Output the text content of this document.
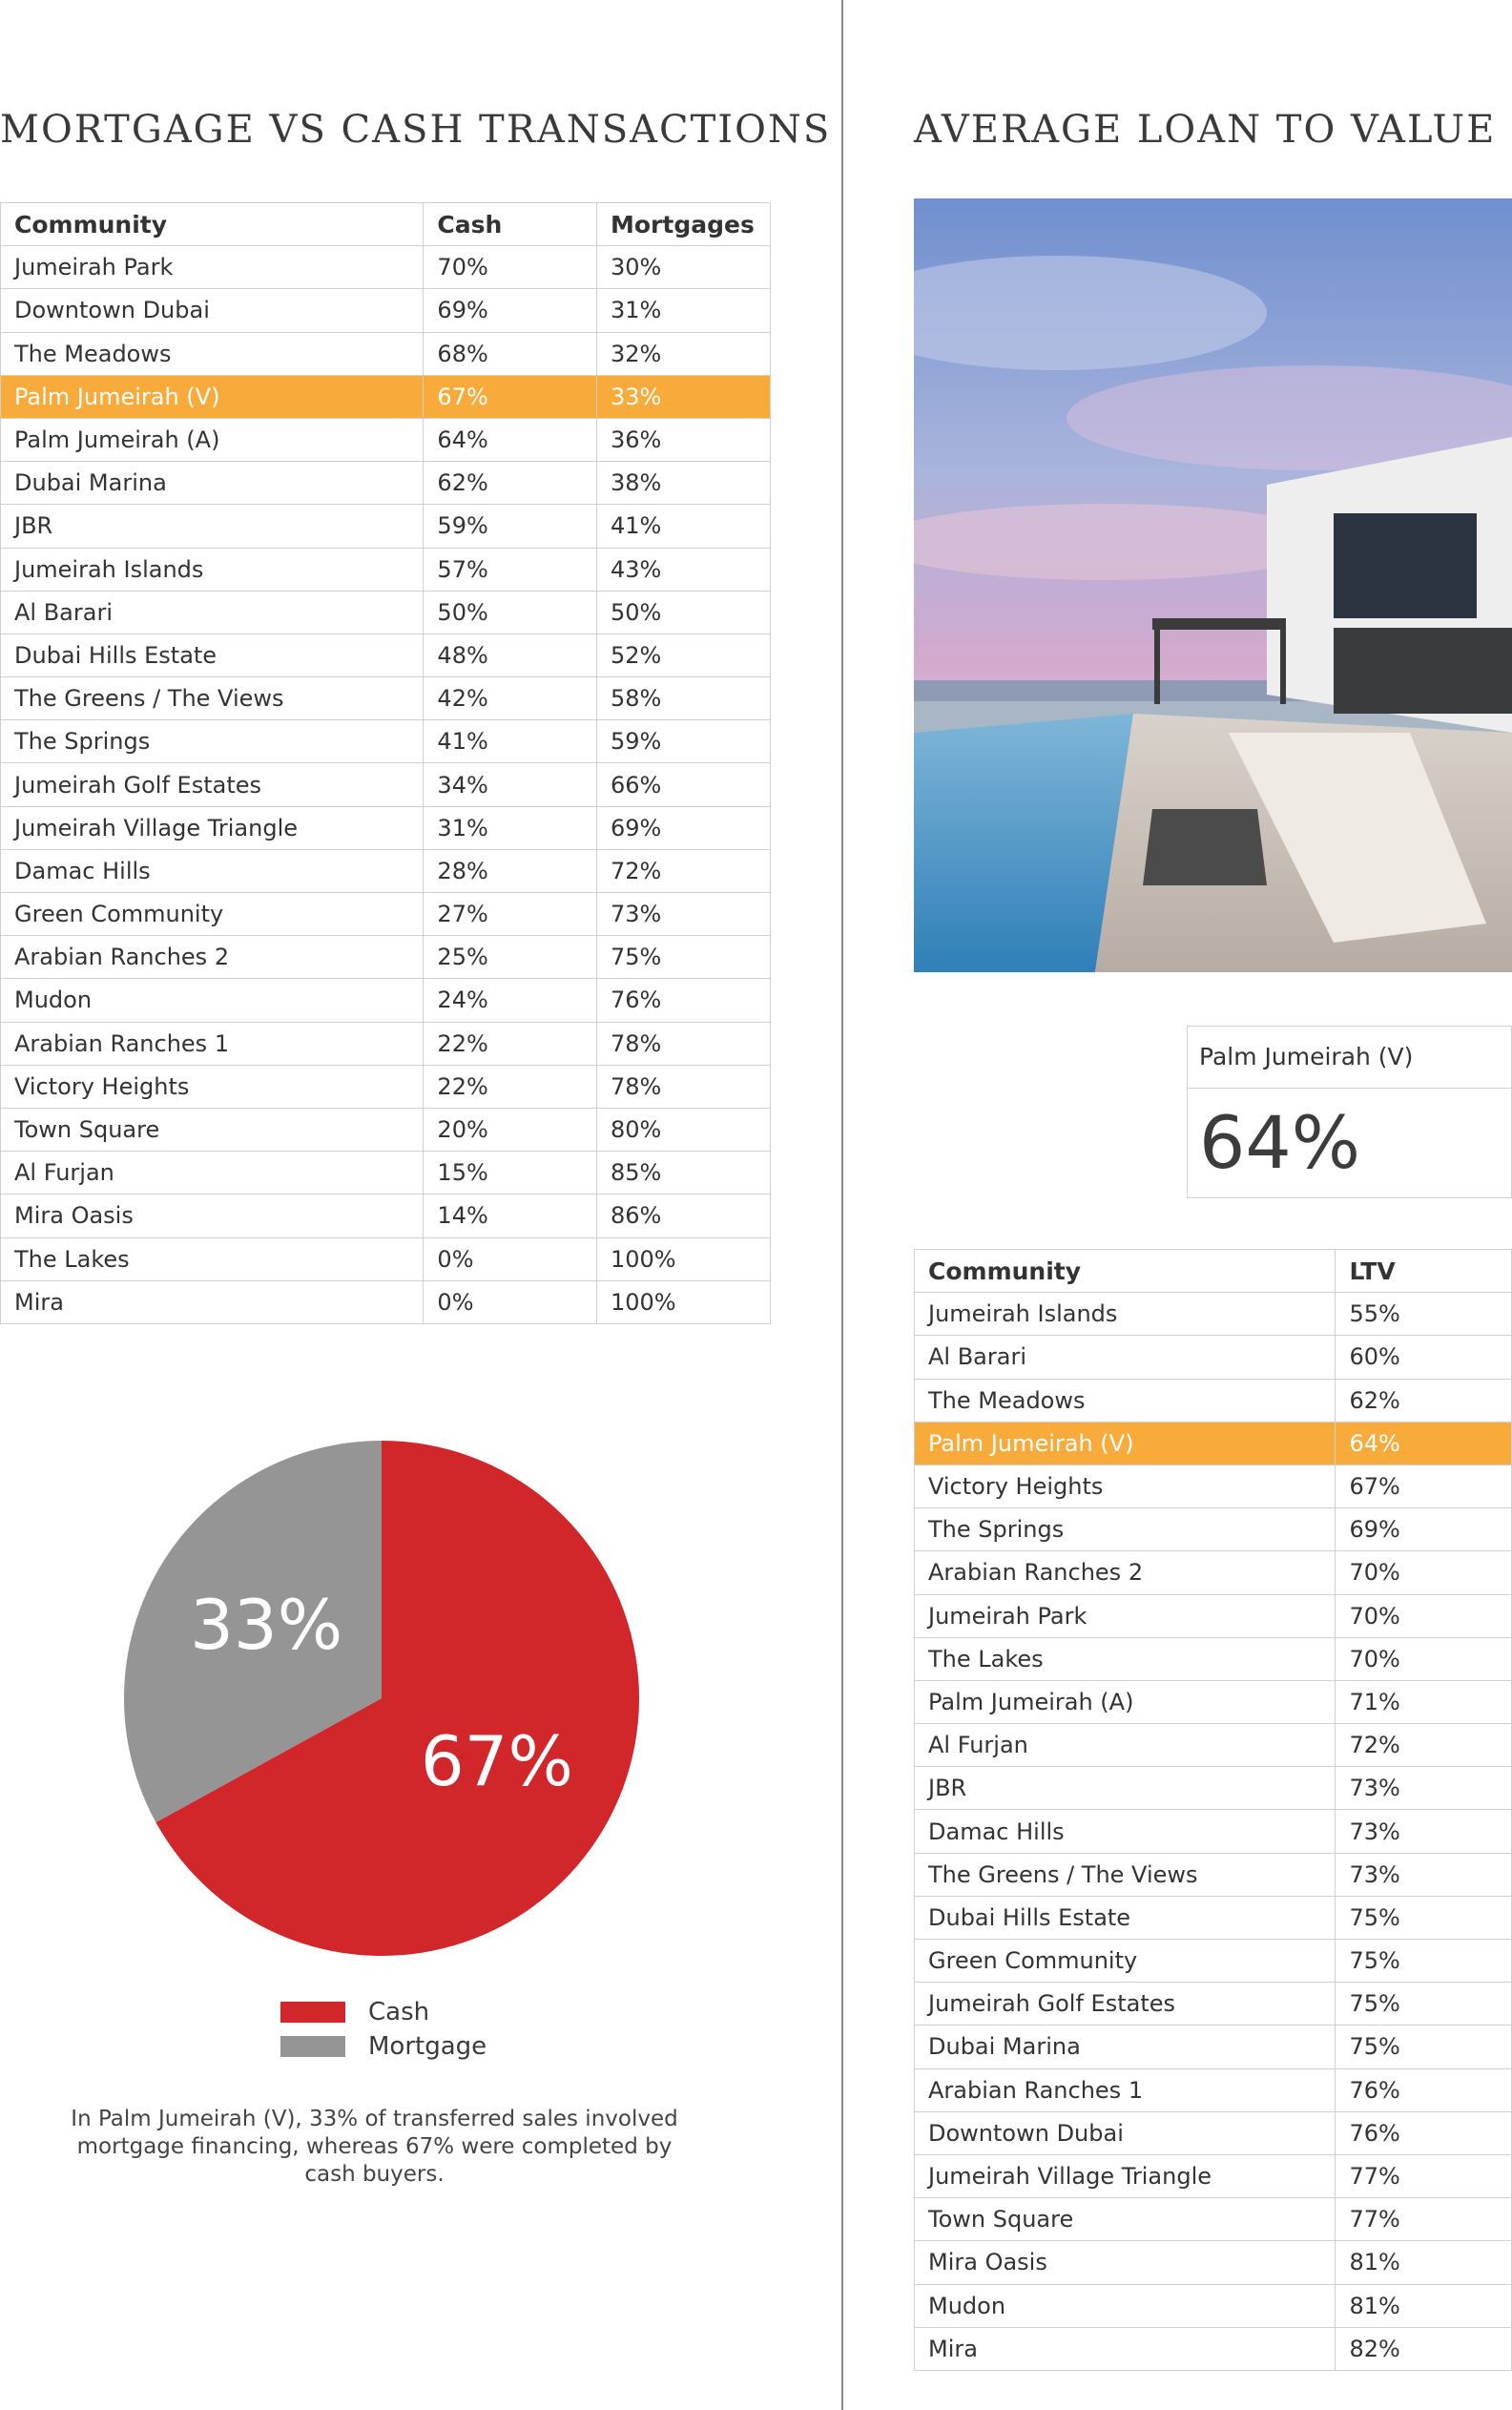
MORTGAGE VS CASH TRANSACTIONS AVERAGE LOAN TO VALUE
Community	Cash	Mortgages
Jumeirah Park	70%	30%
Downtown Dubai	69%	31%
The Meadows	68%	32%
Palm Jumeirah (V)	67%	33%
Palm Jumeirah (A)	64%	36%
Dubai Marina	62%	38%
JBR	59%	41%
Jumeirah Islands	57%	43%
Al Barari	50%	50%
Dubai Hills Estate	48%	52%
The Greens / The Views	42%	58%
The Springs	41%	59%
Jumeirah Golf Estates	34%	66%
Jumeirah Village Triangle	31%	69%
Damac Hills	28%	72%
Green Community	27%	73%
Arabian Ranches 2	25%	75%
Mudon	24%	76%
Arabian Ranches 1	22%	78%
Victory Heights	22%	78%
Town Square	20%	80%
Al Furjan	15%	85%
Mira Oasis	14%	86%
The Lakes	0%	100%
Mira	0%	100%
67%
33%
Cash
Mortgage
In Palm Jumeirah (V), 33% of transferred sales involved mortgage financing, whereas 67% were completed by cash buyers.
Palm Jumeirah (V)
64%
Community	LTV
Jumeirah Islands	55%
Al Barari	60%
The Meadows	62%
Palm Jumeirah (V)	64%
Victory Heights	67%
The Springs	69%
Arabian Ranches 2	70%
Jumeirah Park	70%
The Lakes	70%
Palm Jumeirah (A)	71%
Al Furjan	72%
JBR	73%
Damac Hills	73%
The Greens / The Views	73%
Dubai Hills Estate	75%
Green Community	75%
Jumeirah Golf Estates	75%
Dubai Marina	75%
Arabian Ranches 1	76%
Downtown Dubai	76%
Jumeirah Village Triangle	77%
Town Square	77%
Mira Oasis	81%
Mudon	81%
Mira	82%
